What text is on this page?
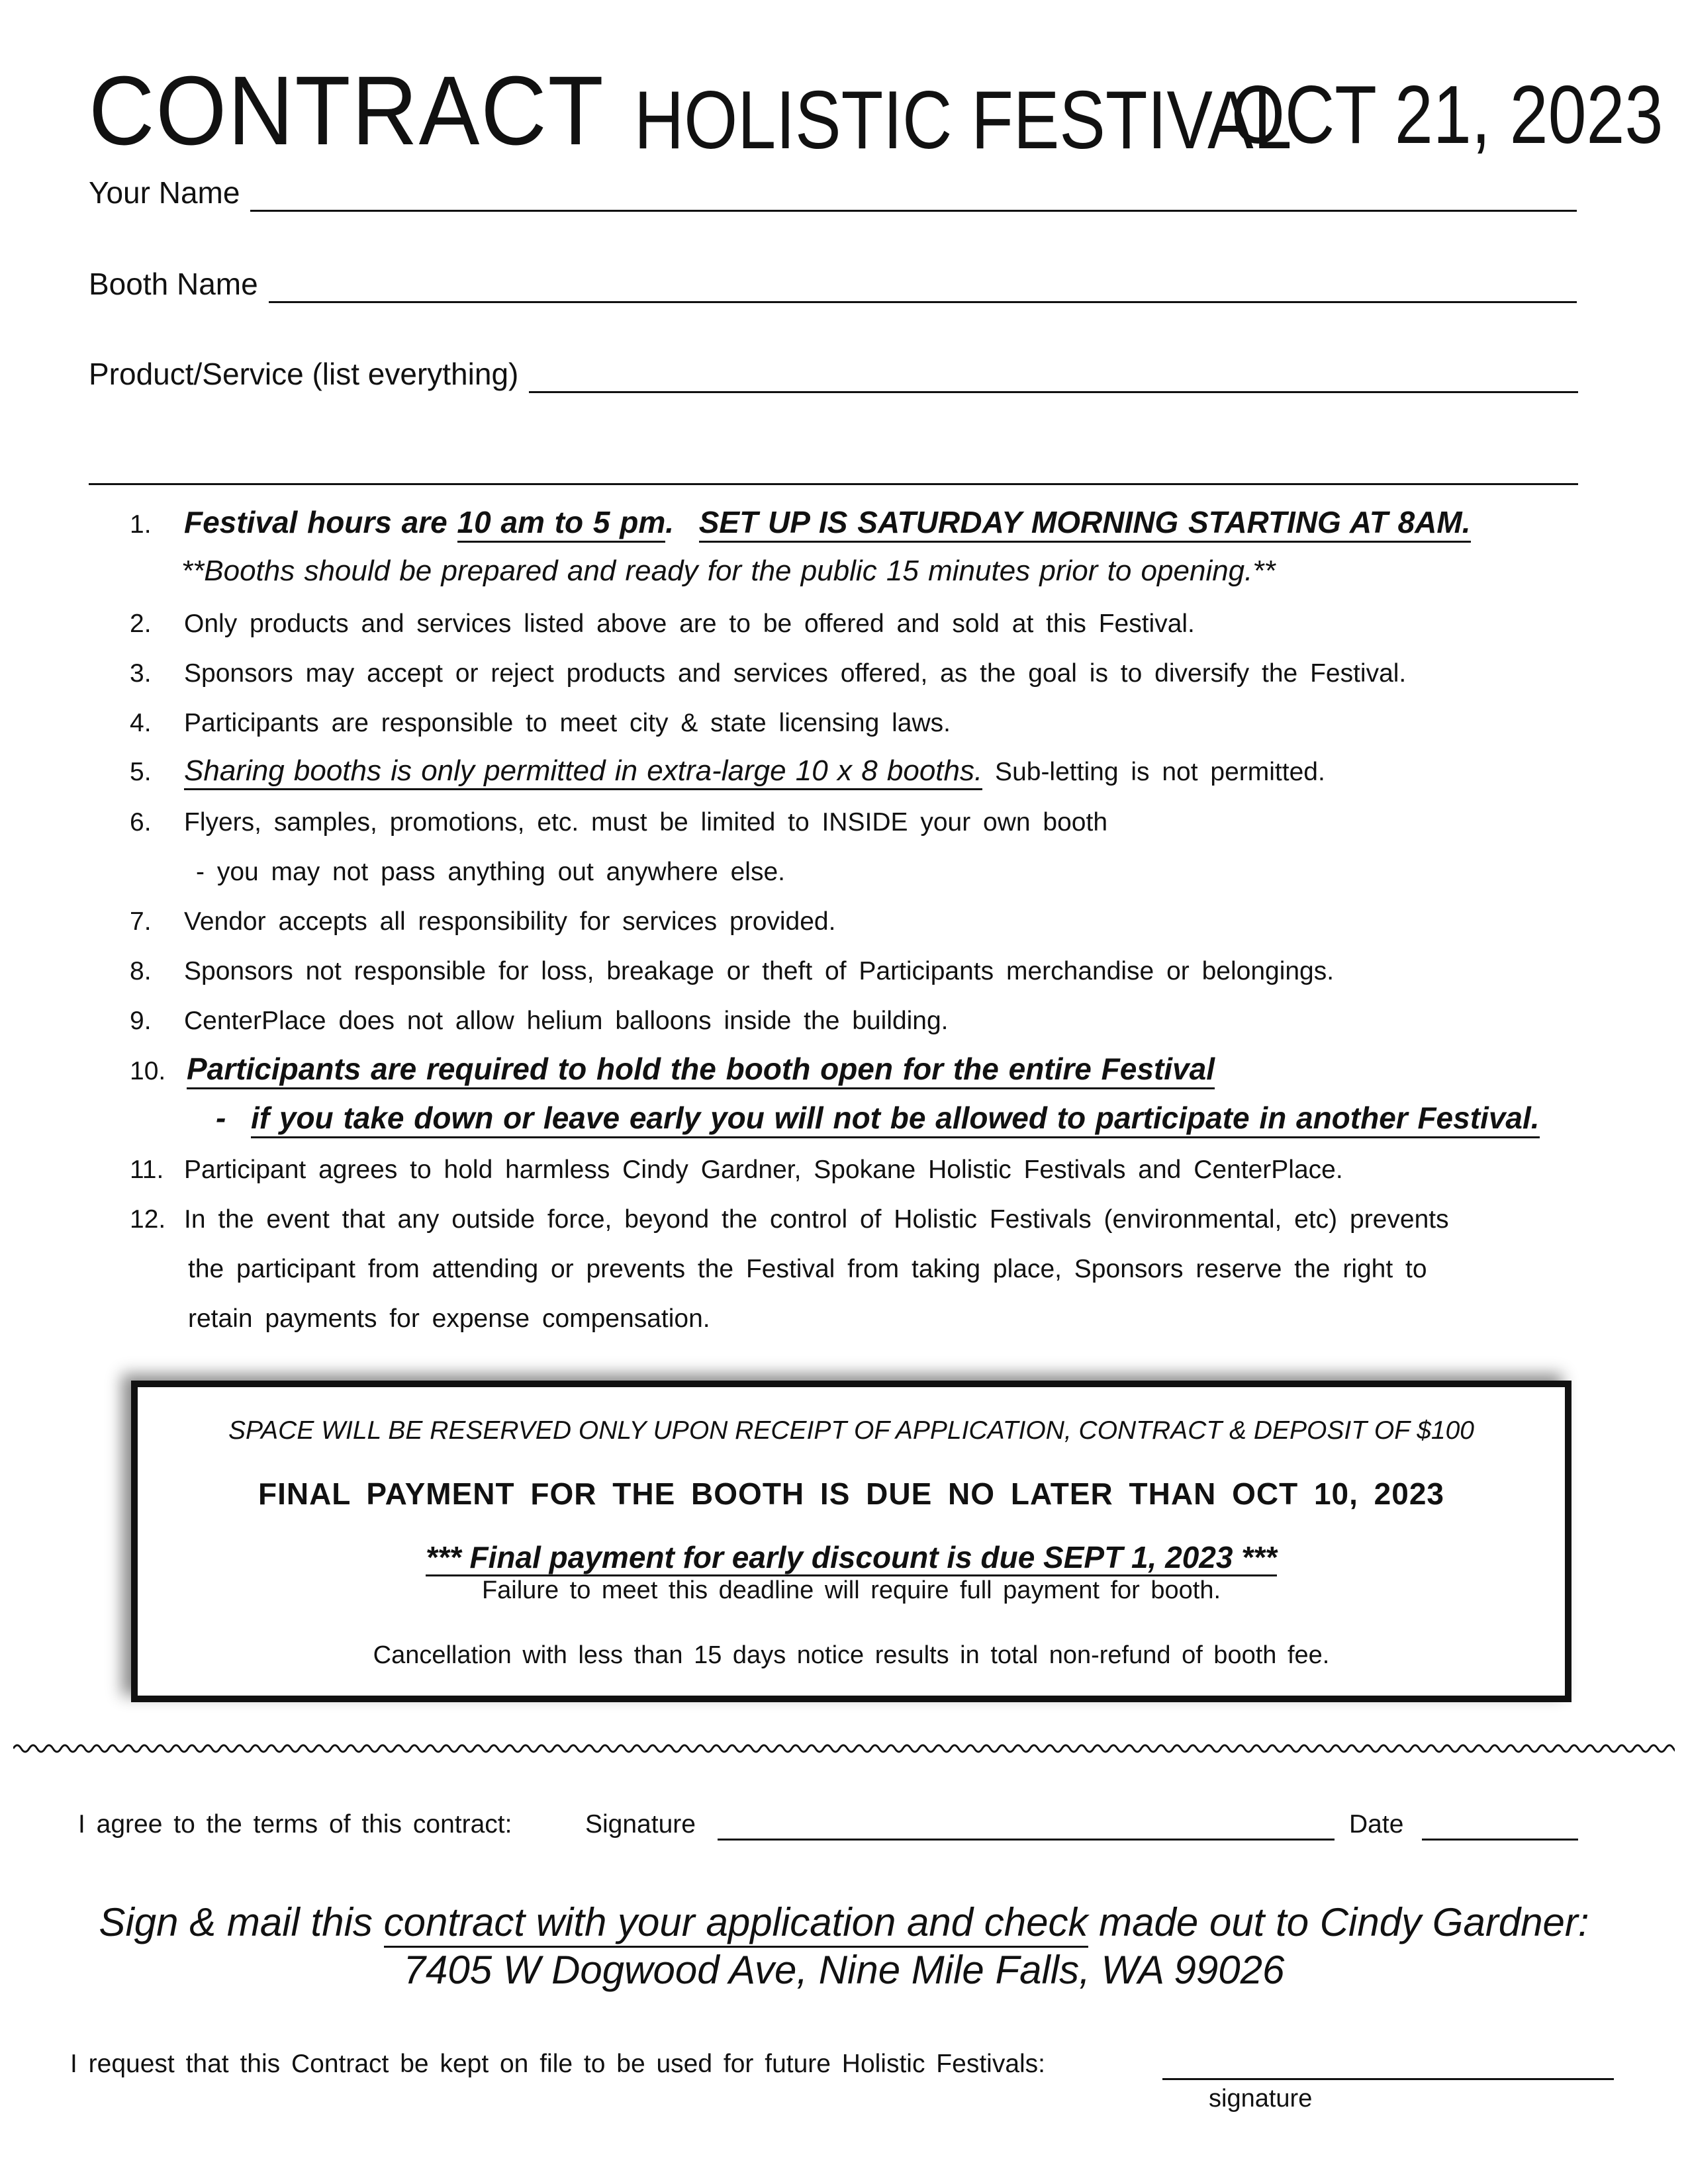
CONTRACT HOLISTIC FESTIVAL
OCT 21, 2023
Your Name
Booth Name
Product/Service (list everything)
1. Festival hours are 10 am to 5 pm. SET UP IS SATURDAY MORNING STARTING AT 8AM.
**Booths should be prepared and ready for the public 15 minutes prior to opening.**
2. Only products and services listed above are to be offered and sold at this Festival.
3. Sponsors may accept or reject products and services offered, as the goal is to diversify the Festival.
4. Participants are responsible to meet city & state licensing laws.
5. Sharing booths is only permitted in extra-large 10 x 8 booths. Sub-letting is not permitted.
6. Flyers, samples, promotions, etc. must be limited to INSIDE your own booth
- you may not pass anything out anywhere else.
7. Vendor accepts all responsibility for services provided.
8. Sponsors not responsible for loss, breakage or theft of Participants merchandise or belongings.
9. CenterPlace does not allow helium balloons inside the building.
10. Participants are required to hold the booth open for the entire Festival
- if you take down or leave early you will not be allowed to participate in another Festival.
11. Participant agrees to hold harmless Cindy Gardner, Spokane Holistic Festivals and CenterPlace.
12. In the event that any outside force, beyond the control of Holistic Festivals (environmental, etc) prevents
the participant from attending or prevents the Festival from taking place, Sponsors reserve the right to
retain payments for expense compensation.
SPACE WILL BE RESERVED ONLY UPON RECEIPT OF APPLICATION, CONTRACT & DEPOSIT OF $100
FINAL PAYMENT FOR THE BOOTH IS DUE NO LATER THAN OCT 10, 2023
*** Final payment for early discount is due SEPT 1, 2023 ***
Failure to meet this deadline will require full payment for booth.
Cancellation with less than 15 days notice results in total non-refund of booth fee.
I agree to the terms of this contract:	Signature	Date
Sign & mail this contract with your application and check made out to Cindy Gardner:
7405 W Dogwood Ave, Nine Mile Falls, WA 99026
I request that this Contract be kept on file to be used for future Holistic Festivals:
signature
